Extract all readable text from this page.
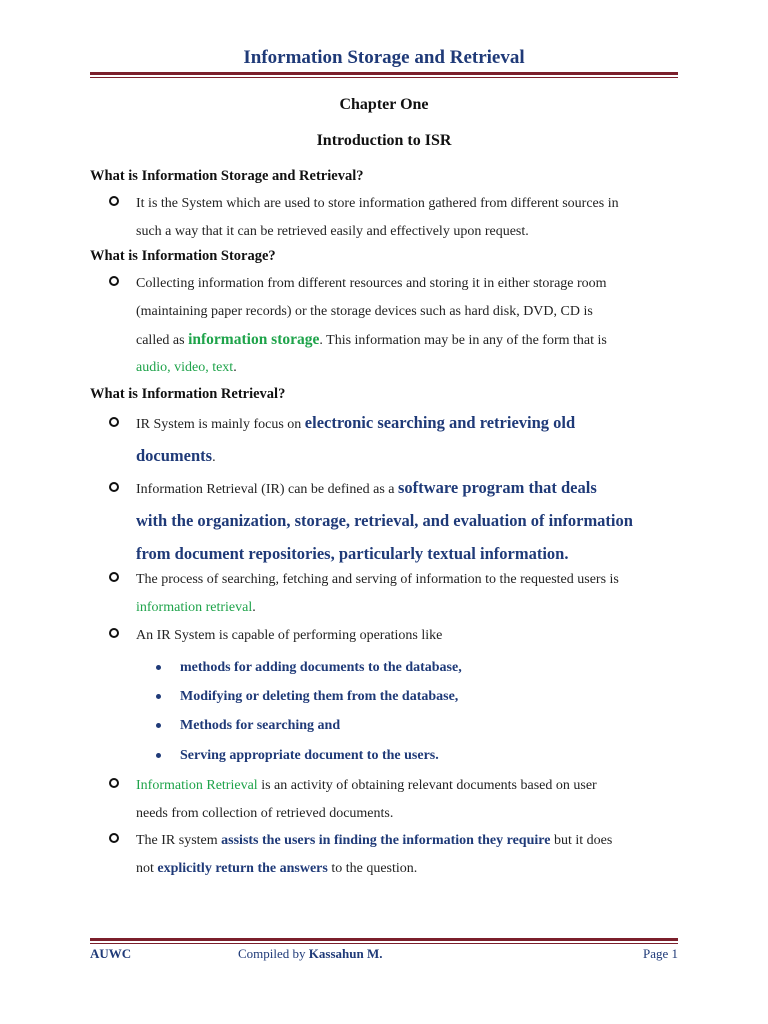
Information Storage and Retrieval
Chapter One
Introduction to ISR
What is Information Storage and Retrieval?
It is the System which are used to store information gathered from different sources in
such a way that it can be retrieved easily and effectively upon request.
What is Information Storage?
Collecting information from different resources and storing it in either storage room
(maintaining paper records) or the storage devices such as hard disk, DVD, CD is
called as information storage. This information may be in any of the form that is
audio, video, text.
What is Information Retrieval?
IR System is mainly focus on electronic searching and retrieving old
documents.
Information Retrieval (IR) can be defined as a software program that deals
with the organization, storage, retrieval, and evaluation of information
from document repositories, particularly textual information.
The process of searching, fetching and serving of information to the requested users is
information retrieval.
An IR System is capable of performing operations like
methods for adding documents to the database,
Modifying or deleting them from the database,
Methods for searching and
Serving appropriate document to the users.
Information Retrieval is an activity of obtaining relevant documents based on user
needs from collection of retrieved documents.
The IR system assists the users in finding the information they require but it does
not explicitly return the answers to the question.
AUWC	Compiled by Kassahun M.	Page 1
